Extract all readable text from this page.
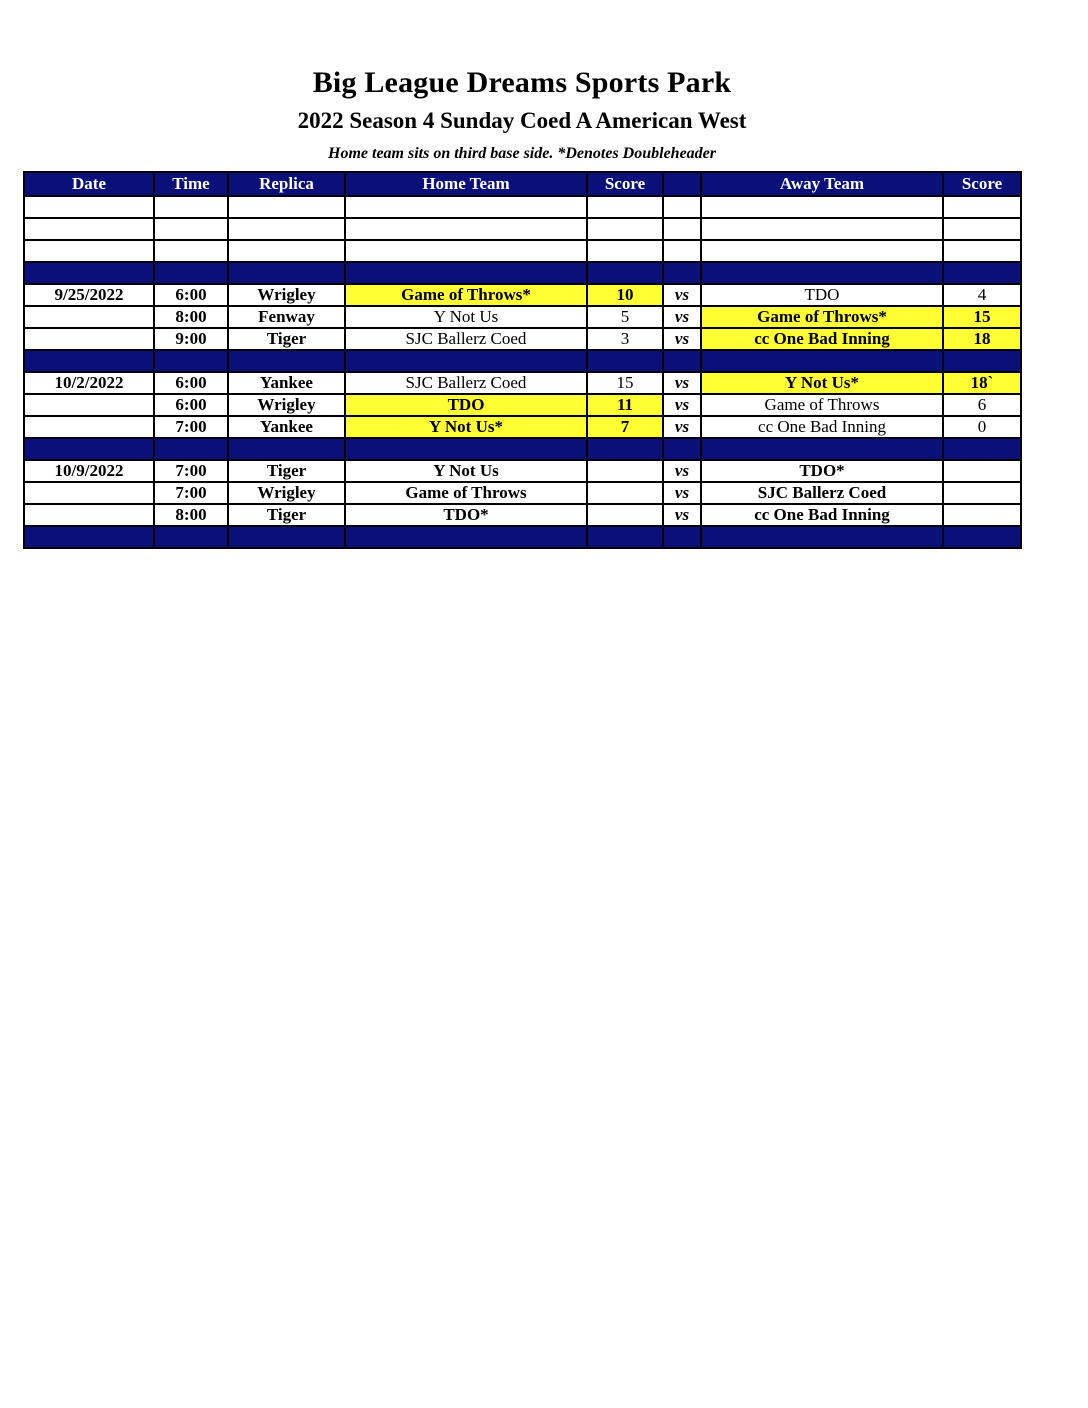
Big League Dreams Sports Park
2022 Season 4 Sunday Coed A American West
Home team sits on third base side. *Denotes Doubleheader
Date	Time	Replica	Home Team	Score		Away Team	Score

9/25/2022	6:00	Wrigley	Game of Throws*	10	vs	TDO	4
	8:00	Fenway	Y Not Us	5	vs	Game of Throws*	15
	9:00	Tiger	SJC Ballerz Coed	3	vs	cc One Bad Inning	18

10/2/2022	6:00	Yankee	SJC Ballerz Coed	15	vs	Y Not Us*	18`
	6:00	Wrigley	TDO	11	vs	Game of Throws	6
	7:00	Yankee	Y Not Us*	7	vs	cc One Bad Inning	0

10/9/2022	7:00	Tiger	Y Not Us		vs	TDO*	
	7:00	Wrigley	Game of Throws		vs	SJC Ballerz Coed	
	8:00	Tiger	TDO*		vs	cc One Bad Inning	
